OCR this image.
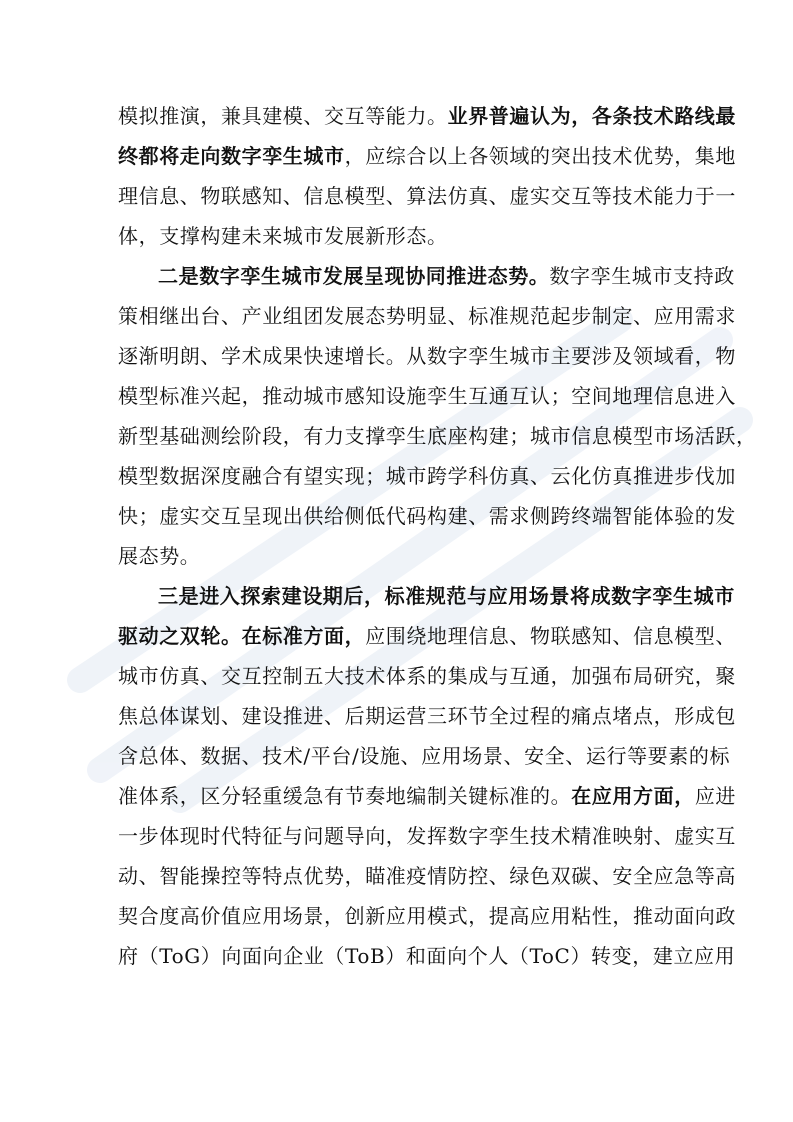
模拟推演，兼具建模、交互等能力。业界普遍认为，各条技术路线最
终都将走向数字孪生城市，应综合以上各领域的突出技术优势，集地
理信息、物联感知、信息模型、算法仿真、虚实交互等技术能力于一
体，支撑构建未来城市发展新形态。
二是数字孪生城市发展呈现协同推进态势。数字孪生城市支持政
策相继出台、产业组团发展态势明显、标准规范起步制定、应用需求
逐渐明朗、学术成果快速增长。从数字孪生城市主要涉及领域看，物
模型标准兴起，推动城市感知设施孪生互通互认；空间地理信息进入
新型基础测绘阶段，有力支撑孪生底座构建；城市信息模型市场活跃，
模型数据深度融合有望实现；城市跨学科仿真、云化仿真推进步伐加
快；虚实交互呈现出供给侧低代码构建、需求侧跨终端智能体验的发
展态势。
三是进入探索建设期后，标准规范与应用场景将成数字孪生城市
驱动之双轮。在标准方面，应围绕地理信息、物联感知、信息模型、
城市仿真、交互控制五大技术体系的集成与互通，加强布局研究，聚
焦总体谋划、建设推进、后期运营三环节全过程的痛点堵点，形成包
含总体、数据、技术/平台/设施、应用场景、安全、运行等要素的标
准体系，区分轻重缓急有节奏地编制关键标准的。在应用方面，应进
一步体现时代特征与问题导向，发挥数字孪生技术精准映射、虚实互
动、智能操控等特点优势，瞄准疫情防控、绿色双碳、安全应急等高
契合度高价值应用场景，创新应用模式，提高应用粘性，推动面向政
府（ToG）向面向企业（ToB）和面向个人（ToC）转变，建立应用
